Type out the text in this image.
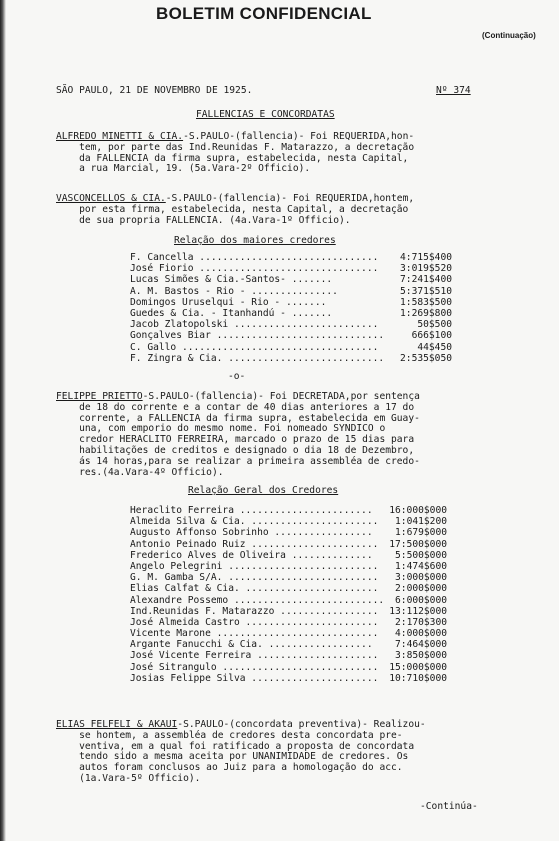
BOLETIM CONFIDENCIAL
(Continuação)
SÃO PAULO, 21 DE NOVEMBRO DE 1925.	Nº 374
FALLENCIAS E CONCORDATAS
ALFREDO MINETTI & CIA.-S.PAULO-(fallencia)- Foi REQUERIDA,hon-
tem, por parte das Ind.Reunidas F. Matarazzo, a decretação
da FALLENCIA da firma supra, estabelecida, nesta Capital,
a rua Marcial, 19. (5a.Vara-2º Officio).
VASCONCELLOS & CIA.-S.PAULO-(fallencia)- Foi REQUERIDA,hontem,
por esta firma, estabelecida, nesta Capital, a decretação
de sua propria FALLENCIA. (4a.Vara-1º Officio).
Relação dos maiores credores
F. Cancella ...............................	4:715$400
José Fiorio ...............................	3:019$520
Lucas Simões & Cia.-Santos- .......	7:241$400
A. M. Bastos - Rio - ...............	5:371$510
Domingos Uruselqui - Rio - .......	1:583$500
Guedes & Cia. - Itanhandú - .......	1:269$800
Jacob Zlatopolski .........................	50$500
Gonçalves Biar .............................	666$100
C. Gallo ..................................	44$450
F. Zingra & Cia. ...........................	2:535$050
-o-
FELIPPE PRIETTO-S.PAULO-(fallencia)- Foi DECRETADA,por sentença
de 18 do corrente e a contar de 40 dias anteriores a 17 do
corrente, a FALLENCIA da firma supra, estabelecida em Guay-
una, com emporio do mesmo nome. Foi nomeado SYNDICO o
credor HERACLITO FERREIRA, marcado o prazo de 15 dias para
habilitações de creditos e designado o dia 18 de Dezembro,
ás 14 horas,para se realizar a primeira assembléa de credo-
res.(4a.Vara-4º Officio).
Relação Geral dos Credores
Heraclito Ferreira .......................	16:000$000
Almeida Silva & Cia. ......................	1:041$200
Augusto Affonso Sobrinho .................	1:679$000
Antonio Peinado Ruiz ......................	17:500$000
Frederico Alves de Oliveira ..............	5:500$000
Angelo Pelegrini ..........................	1:474$600
G. M. Gamba S/A. ..........................	3:000$000
Elias Calfat & Cia. .......................	2:000$000
Alexandre Possemo ..........................	6:000$000
Ind.Reunidas F. Matarazzo .................	13:112$000
José Almeida Castro .......................	2:170$300
Vicente Marone ............................	4:000$000
Argante Fanucchi & Cia. ..................	7:464$000
José Vicente Ferreira .....................	3:850$000
José Sitrangulo ...........................	15:000$000
Josias Felippe Silva ......................	10:710$000
ELIAS FELFELI & AKAUI-S.PAULO-(concordata preventiva)- Realizou-
se hontem, a assembléa de credores desta concordata pre-
ventiva, em a qual foi ratificado a proposta de concordata
tendo sido a mesma aceita por UNANIMIDADE de credores. Os
autos foram conclusos ao Juiz para a homologação do acc.
(1a.Vara-5º Officio).
-Continúa-
